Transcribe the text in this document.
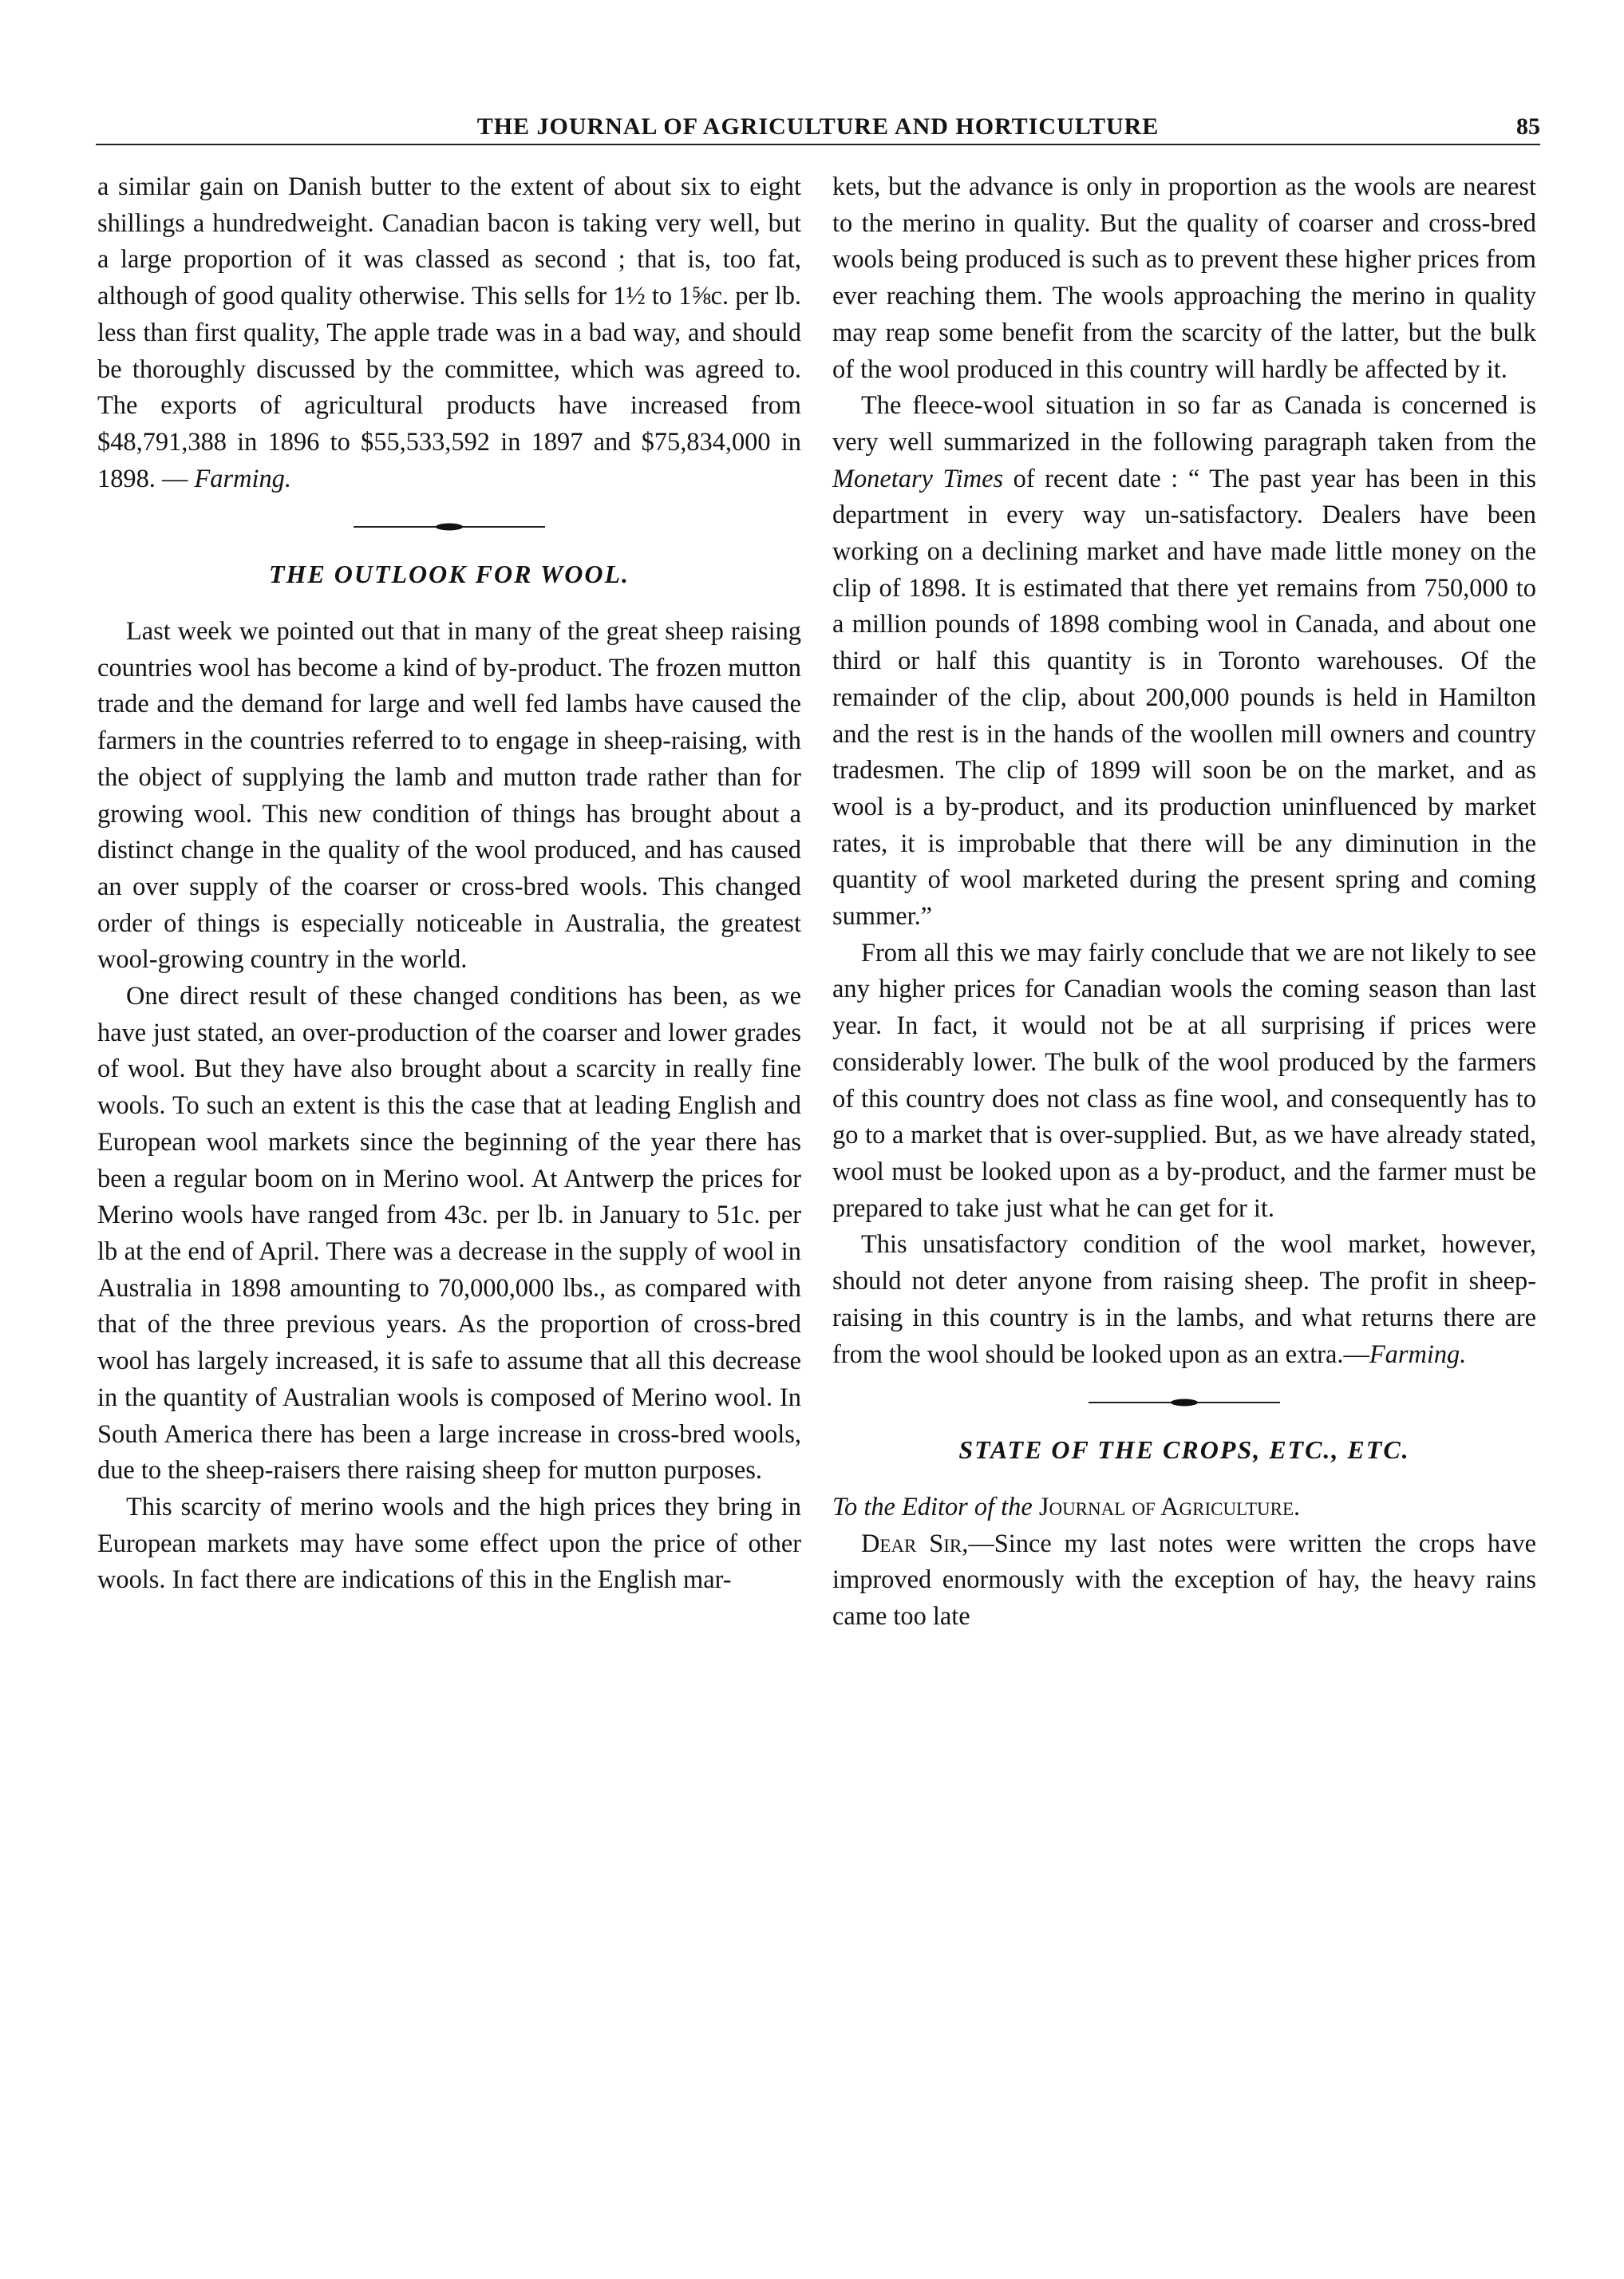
THE JOURNAL OF AGRICULTURE AND HORTICULTURE	85

a similar gain on Danish butter to the extent of about six to eight shillings a hundredweight. Canadian bacon is taking very well, but a large proportion of it was classed as second ; that is, too fat, although of good quality otherwise. This sells for 1½ to 1⅝c. per lb. less than first quality, The apple trade was in a bad way, and should be thoroughly discussed by the committee, which was agreed to. The exports of agricultural products have increased from $48,791,388 in 1896 to $55,533,592 in 1897 and $75,834,000 in 1898. — Farming.

THE OUTLOOK FOR WOOL.

Last week we pointed out that in many of the great sheep raising countries wool has become a kind of by-product. The frozen mutton trade and the demand for large and well fed lambs have caused the farmers in the countries referred to to engage in sheep-raising, with the object of supplying the lamb and mutton trade rather than for growing wool. This new condition of things has brought about a distinct change in the quality of the wool produced, and has caused an over supply of the coarser or cross-bred wools. This changed order of things is especially noticeable in Australia, the greatest wool-growing country in the world.

One direct result of these changed conditions has been, as we have just stated, an over-production of the coarser and lower grades of wool. But they have also brought about a scarcity in really fine wools. To such an extent is this the case that at leading English and European wool markets since the beginning of the year there has been a regular boom on in Merino wool. At Antwerp the prices for Merino wools have ranged from 43c. per lb. in January to 51c. per lb at the end of April. There was a decrease in the supply of wool in Australia in 1898 amounting to 70,000,000 lbs., as compared with that of the three previous years. As the proportion of cross-bred wool has largely increased, it is safe to assume that all this decrease in the quantity of Australian wools is composed of Merino wool. In South America there has been a large increase in cross-bred wools, due to the sheep-raisers there raising sheep for mutton purposes.

This scarcity of merino wools and the high prices they bring in European markets may have some effect upon the price of other wools. In fact there are indications of this in the English mar-

kets, but the advance is only in proportion as the wools are nearest to the merino in quality. But the quality of coarser and cross-bred wools being produced is such as to prevent these higher prices from ever reaching them. The wools approaching the merino in quality may reap some benefit from the scarcity of the latter, but the bulk of the wool produced in this country will hardly be affected by it.

The fleece-wool situation in so far as Canada is concerned is very well summarized in the following paragraph taken from the Monetary Times of recent date : “ The past year has been in this department in every way un-satisfactory. Dealers have been working on a declining market and have made little money on the clip of 1898. It is estimated that there yet remains from 750,000 to a million pounds of 1898 combing wool in Canada, and about one third or half this quantity is in Toronto warehouses. Of the remainder of the clip, about 200,000 pounds is held in Hamilton and the rest is in the hands of the woollen mill owners and country tradesmen. The clip of 1899 will soon be on the market, and as wool is a by-product, and its production uninfluenced by market rates, it is improbable that there will be any diminution in the quantity of wool marketed during the present spring and coming summer.”

From all this we may fairly conclude that we are not likely to see any higher prices for Canadian wools the coming season than last year. In fact, it would not be at all surprising if prices were considerably lower. The bulk of the wool produced by the farmers of this country does not class as fine wool, and consequently has to go to a market that is over-supplied. But, as we have already stated, wool must be looked upon as a by-product, and the farmer must be prepared to take just what he can get for it.

This unsatisfactory condition of the wool market, however, should not deter anyone from raising sheep. The profit in sheep-raising in this country is in the lambs, and what returns there are from the wool should be looked upon as an extra.—Farming.

STATE OF THE CROPS, ETC., ETC.

To the Editor of the Journal of Agriculture.

Dear Sir,—Since my last notes were written the crops have improved enormously with the exception of hay, the heavy rains came too late
